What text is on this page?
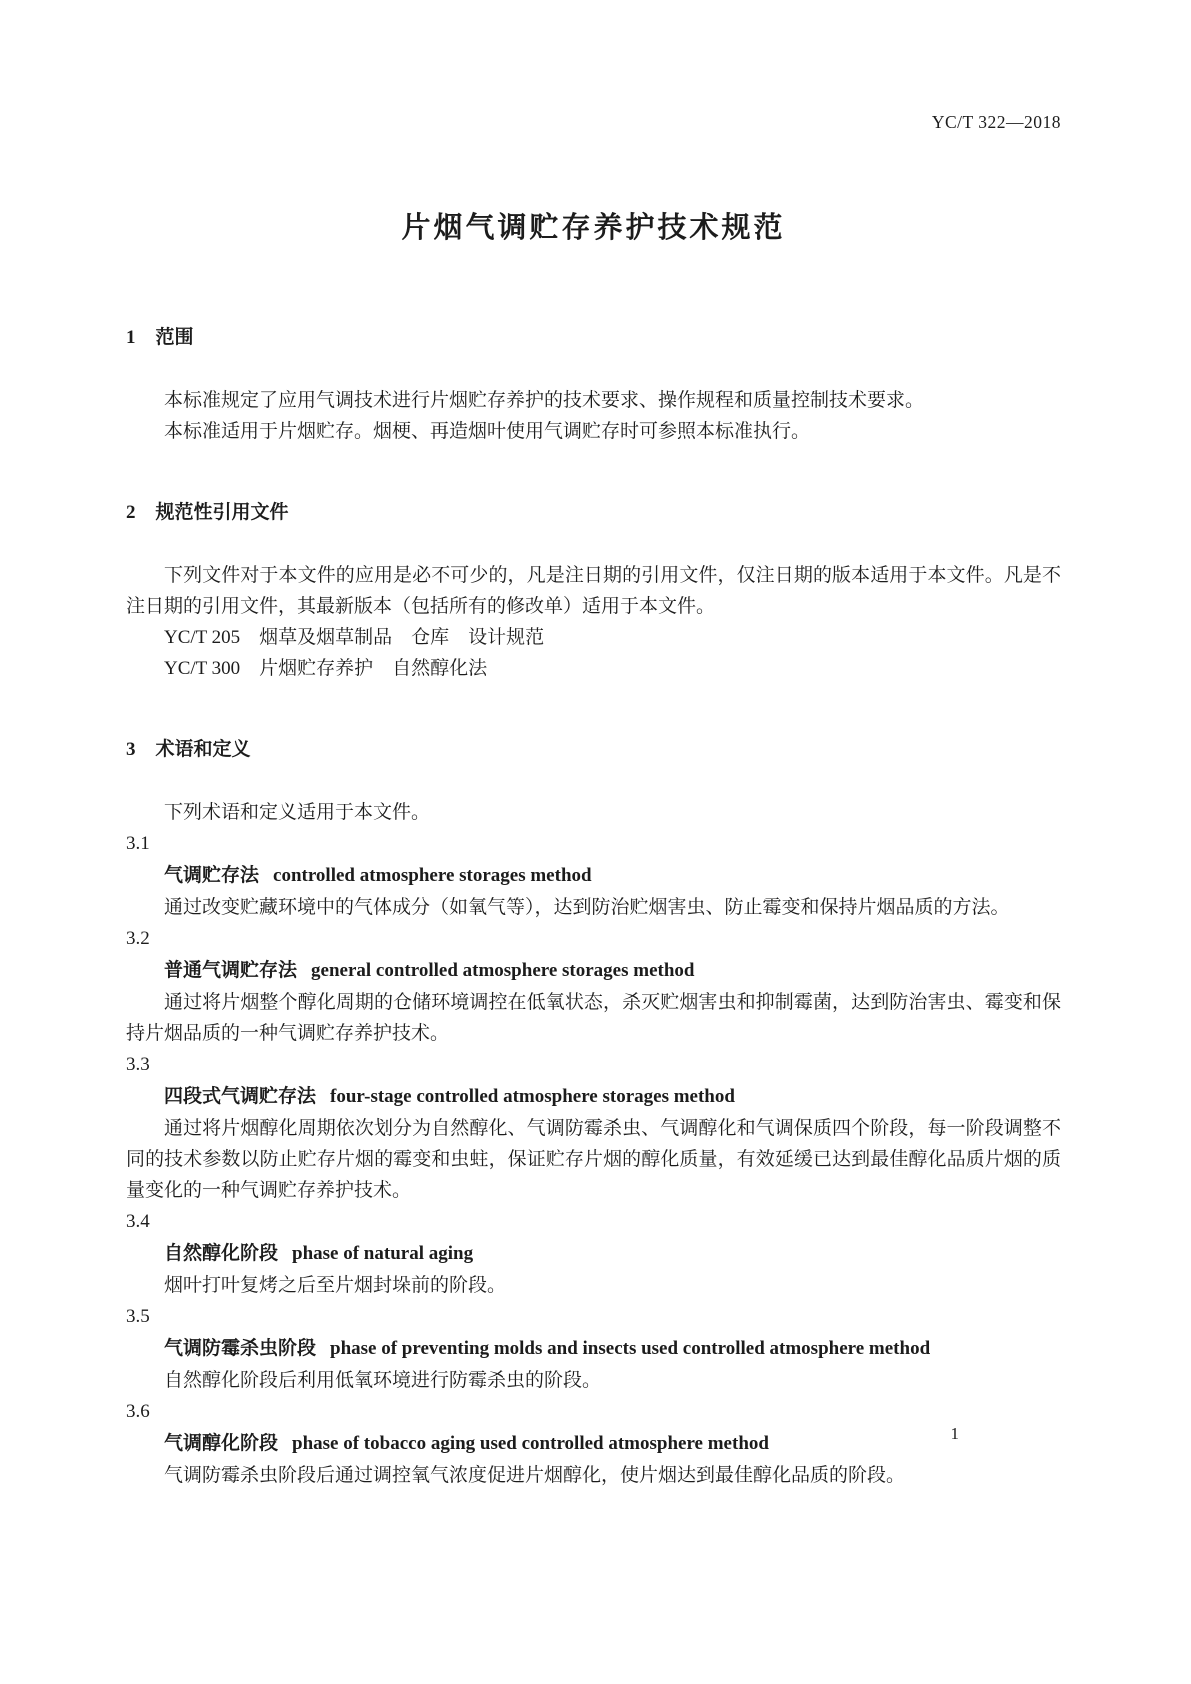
YC/T 322—2018
片烟气调贮存养护技术规范
1 范围

本标准规定了应用气调技术进行片烟贮存养护的技术要求、操作规程和质量控制技术要求。

本标准适用于片烟贮存。烟梗、再造烟叶使用气调贮存时可参照本标准执行。

2 规范性引用文件

下列文件对于本文件的应用是必不可少的，凡是注日期的引用文件，仅注日期的版本适用于本文件。凡是不注日期的引用文件，其最新版本（包括所有的修改单）适用于本文件。

YC/T 205　烟草及烟草制品　仓库　设计规范
YC/T 300　片烟贮存养护　自然醇化法
3 术语和定义

下列术语和定义适用于本文件。

3.1
气调贮存法 controlled atmosphere storages method

通过改变贮藏环境中的气体成分（如氧气等），达到防治贮烟害虫、防止霉变和保持片烟品质的方法。

3.2
普通气调贮存法 general controlled atmosphere storages method

通过将片烟整个醇化周期的仓储环境调控在低氧状态，杀灭贮烟害虫和抑制霉菌，达到防治害虫、霉变和保持片烟品质的一种气调贮存养护技术。

3.3
四段式气调贮存法 four-stage controlled atmosphere storages method

通过将片烟醇化周期依次划分为自然醇化、气调防霉杀虫、气调醇化和气调保质四个阶段，每一阶段调整不同的技术参数以防止贮存片烟的霉变和虫蛀，保证贮存片烟的醇化质量，有效延缓已达到最佳醇化品质片烟的质量变化的一种气调贮存养护技术。

3.4
自然醇化阶段 phase of natural aging

烟叶打叶复烤之后至片烟封垛前的阶段。

3.5
气调防霉杀虫阶段 phase of preventing molds and insects used controlled atmosphere method

自然醇化阶段后利用低氧环境进行防霉杀虫的阶段。

3.6
气调醇化阶段 phase of tobacco aging used controlled atmosphere method

气调防霉杀虫阶段后通过调控氧气浓度促进片烟醇化，使片烟达到最佳醇化品质的阶段。

1
